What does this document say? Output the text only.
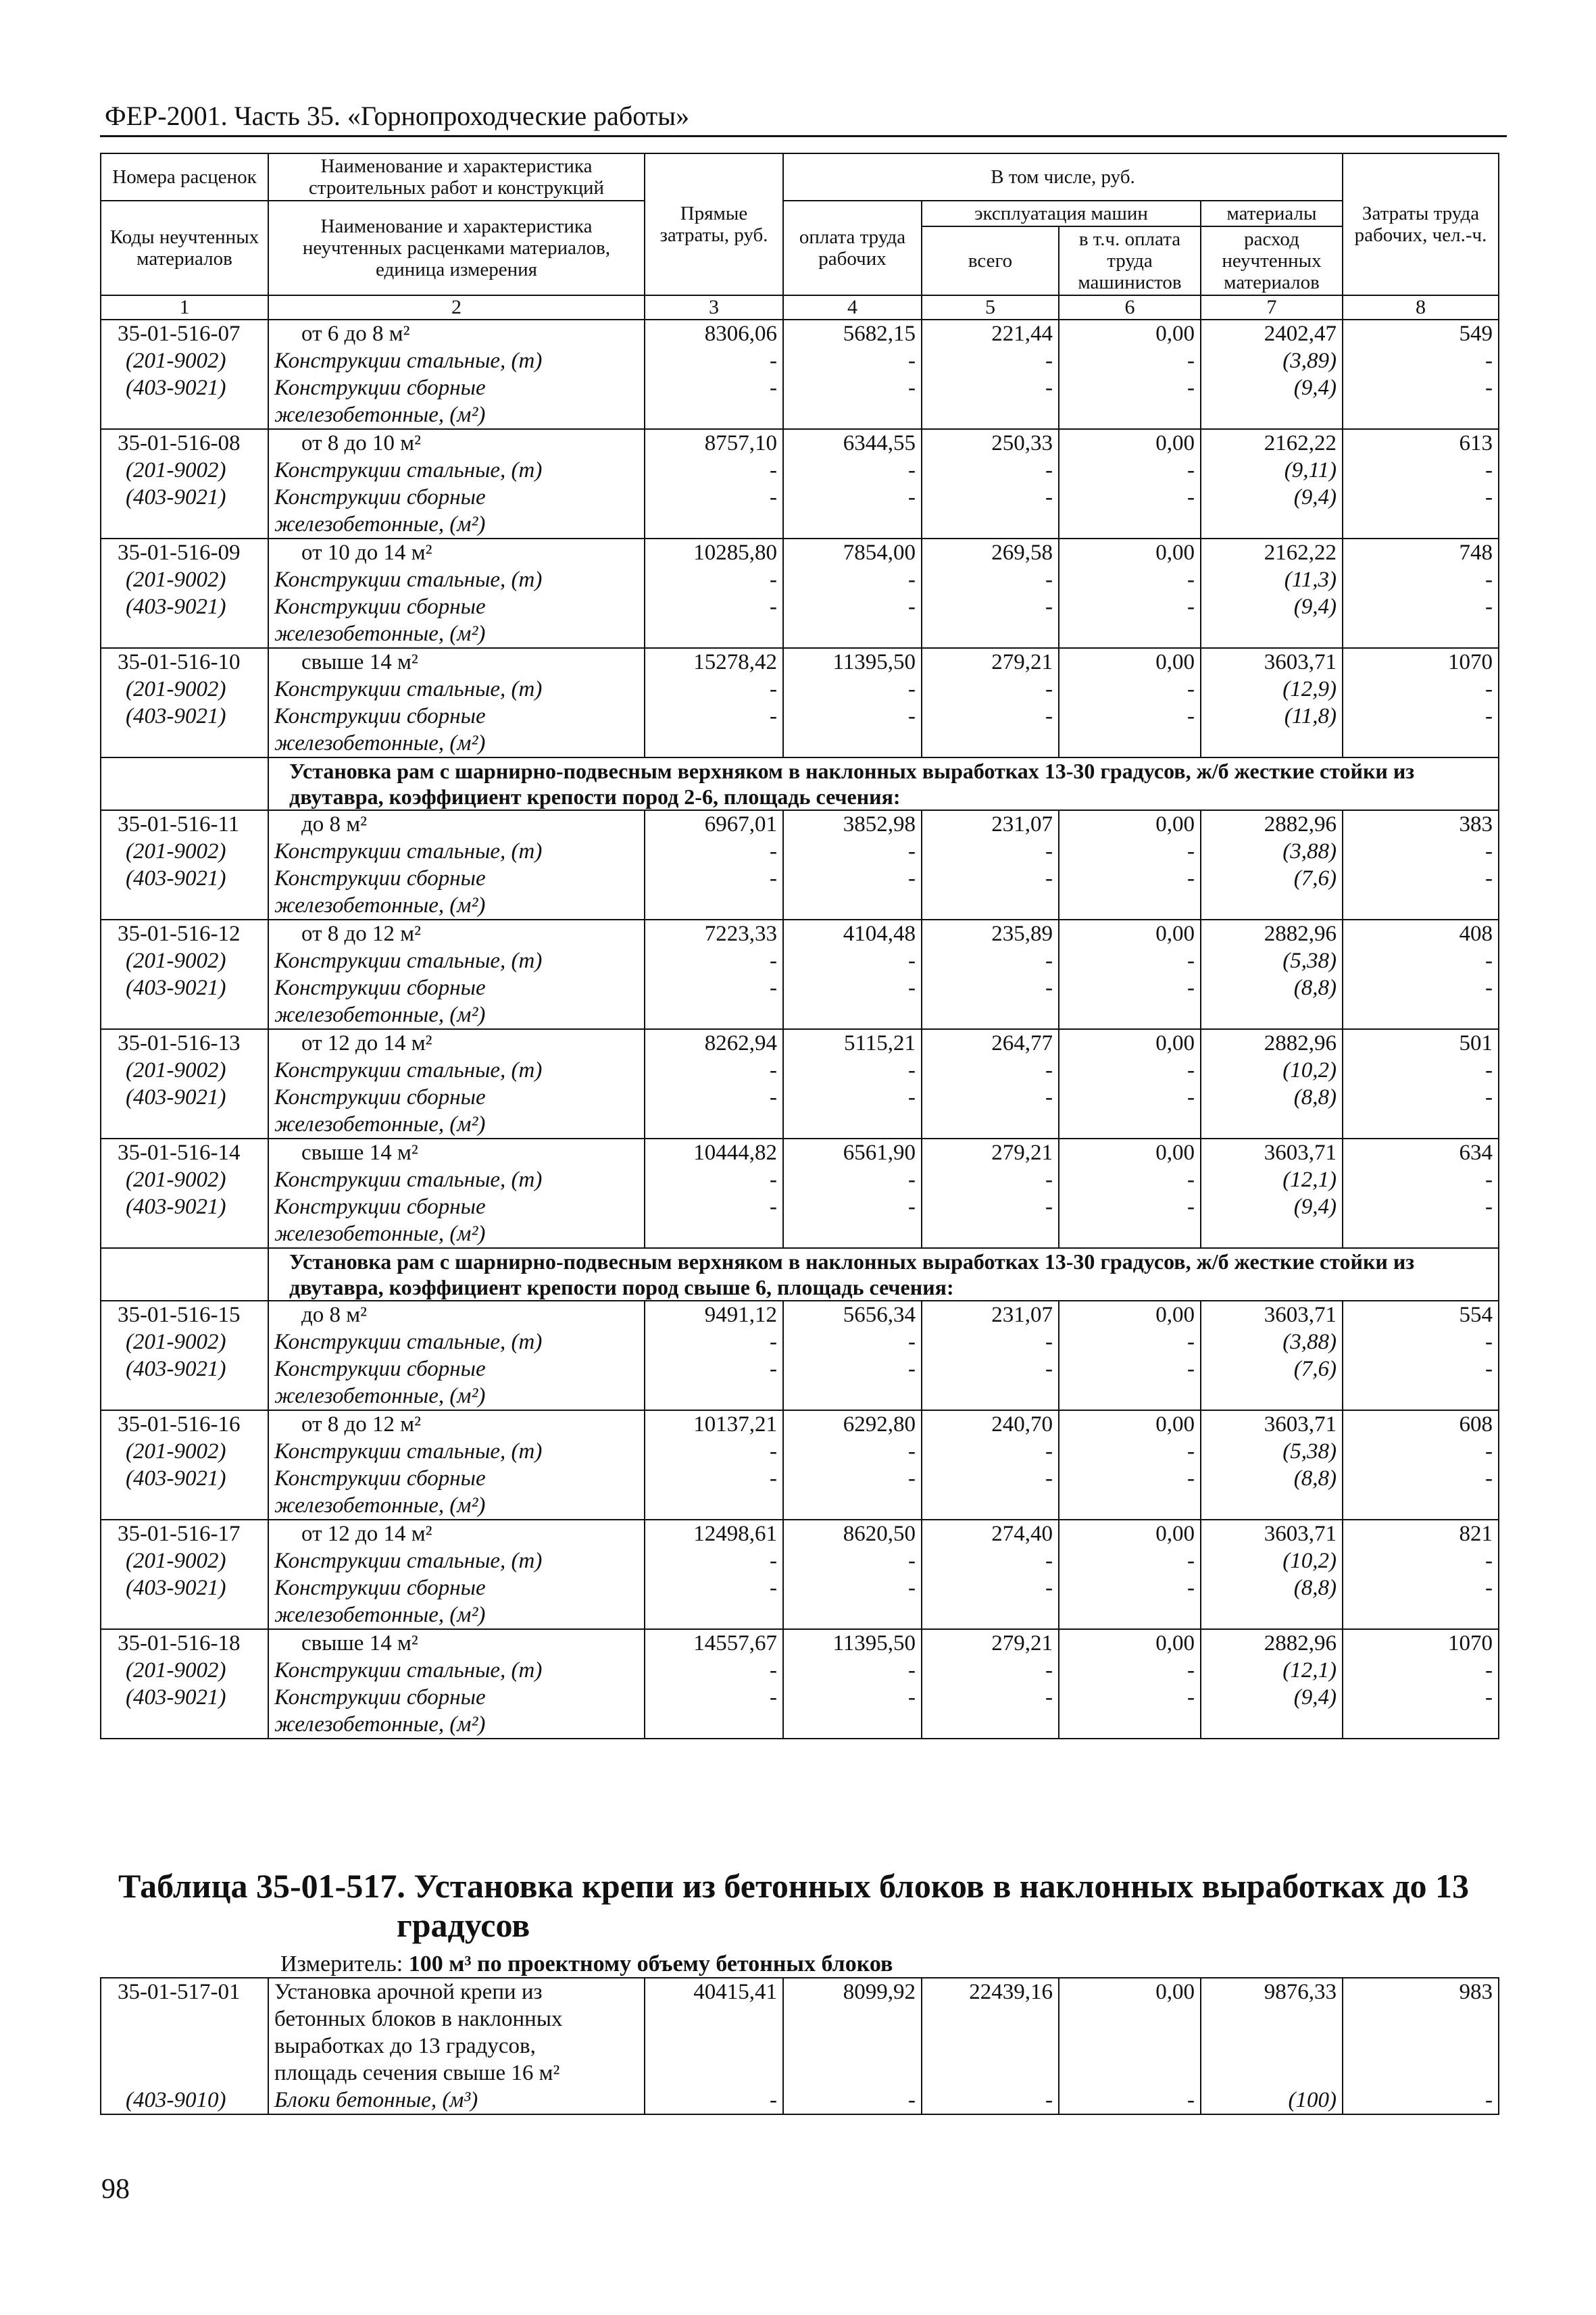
ФЕР-2001. Часть 35. «Горнопроходческие работы»
Номера расценок	Наименование и характеристика строительных работ и конструкций	Прямые затраты, руб.	В том числе, руб.				Затраты труда рабочих, чел.-ч.
Коды неучтенных материалов	Наименование и характеристика неучтенных расценками материалов, единица измерения		оплата труда рабочих	эксплуатация машин		материалы	
				всего	в т.ч. оплата труда машинистов	расход неучтенных материалов	
1	2	3	4	5	6	7	8
35-01-516-07	от 6 до 8 м²	8306,06	5682,15	221,44	0,00	2402,47	549
(201-9002)	Конструкции стальные, (т)	-	-	-	-	(3,89)	-
(403-9021)	Конструкции сборные	-	-	-	-	(9,4)	-
	железобетонные, (м²)						
35-01-516-08	от 8 до 10 м²	8757,10	6344,55	250,33	0,00	2162,22	613
(201-9002)	Конструкции стальные, (т)	-	-	-	-	(9,11)	-
(403-9021)	Конструкции сборные	-	-	-	-	(9,4)	-
	железобетонные, (м²)						
35-01-516-09	от 10 до 14 м²	10285,80	7854,00	269,58	0,00	2162,22	748
(201-9002)	Конструкции стальные, (т)	-	-	-	-	(11,3)	-
(403-9021)	Конструкции сборные	-	-	-	-	(9,4)	-
	железобетонные, (м²)						
35-01-516-10	свыше 14 м²	15278,42	11395,50	279,21	0,00	3603,71	1070
(201-9002)	Конструкции стальные, (т)	-	-	-	-	(12,9)	-
(403-9021)	Конструкции сборные	-	-	-	-	(11,8)	-
	железобетонные, (м²)						
	Установка рам с шарнирно-подвесным верхняком в наклонных выработках 13-30 градусов, ж/б жесткие стойки из двутавра, коэффициент крепости пород 2-6, площадь сечения:						
35-01-516-11	до 8 м²	6967,01	3852,98	231,07	0,00	2882,96	383
(201-9002)	Конструкции стальные, (т)	-	-	-	-	(3,88)	-
(403-9021)	Конструкции сборные	-	-	-	-	(7,6)	-
	железобетонные, (м²)						
35-01-516-12	от 8 до 12 м²	7223,33	4104,48	235,89	0,00	2882,96	408
(201-9002)	Конструкции стальные, (т)	-	-	-	-	(5,38)	-
(403-9021)	Конструкции сборные	-	-	-	-	(8,8)	-
	железобетонные, (м²)						
35-01-516-13	от 12 до 14 м²	8262,94	5115,21	264,77	0,00	2882,96	501
(201-9002)	Конструкции стальные, (т)	-	-	-	-	(10,2)	-
(403-9021)	Конструкции сборные	-	-	-	-	(8,8)	-
	железобетонные, (м²)						
35-01-516-14	свыше 14 м²	10444,82	6561,90	279,21	0,00	3603,71	634
(201-9002)	Конструкции стальные, (т)	-	-	-	-	(12,1)	-
(403-9021)	Конструкции сборные	-	-	-	-	(9,4)	-
	железобетонные, (м²)						
	Установка рам с шарнирно-подвесным верхняком в наклонных выработках 13-30 градусов, ж/б жесткие стойки из двутавра, коэффициент крепости пород свыше 6, площадь сечения:						
35-01-516-15	до 8 м²	9491,12	5656,34	231,07	0,00	3603,71	554
(201-9002)	Конструкции стальные, (т)	-	-	-	-	(3,88)	-
(403-9021)	Конструкции сборные	-	-	-	-	(7,6)	-
	железобетонные, (м²)						
35-01-516-16	от 8 до 12 м²	10137,21	6292,80	240,70	0,00	3603,71	608
(201-9002)	Конструкции стальные, (т)	-	-	-	-	(5,38)	-
(403-9021)	Конструкции сборные	-	-	-	-	(8,8)	-
	железобетонные, (м²)						
35-01-516-17	от 12 до 14 м²	12498,61	8620,50	274,40	0,00	3603,71	821
(201-9002)	Конструкции стальные, (т)	-	-	-	-	(10,2)	-
(403-9021)	Конструкции сборные	-	-	-	-	(8,8)	-
	железобетонные, (м²)						
35-01-516-18	свыше 14 м²	14557,67	11395,50	279,21	0,00	2882,96	1070
(201-9002)	Конструкции стальные, (т)	-	-	-	-	(12,1)	-
(403-9021)	Конструкции сборные	-	-	-	-	(9,4)	-
	железобетонные, (м²)						
Таблица 35-01-517. Установка крепи из бетонных блоков в наклонных выработках до 13
градусов
Измеритель: 100 м³ по проектному объему бетонных блоков
35-01-517-01	Установка арочной крепи из	40415,41	8099,92	22439,16	0,00	9876,33	983
	бетонных блоков в наклонных						
	выработках до 13 градусов,						
	площадь сечения свыше 16 м²						
(403-9010)	Блоки бетонные, (м³)	-	-	-	-	(100)	-
98
